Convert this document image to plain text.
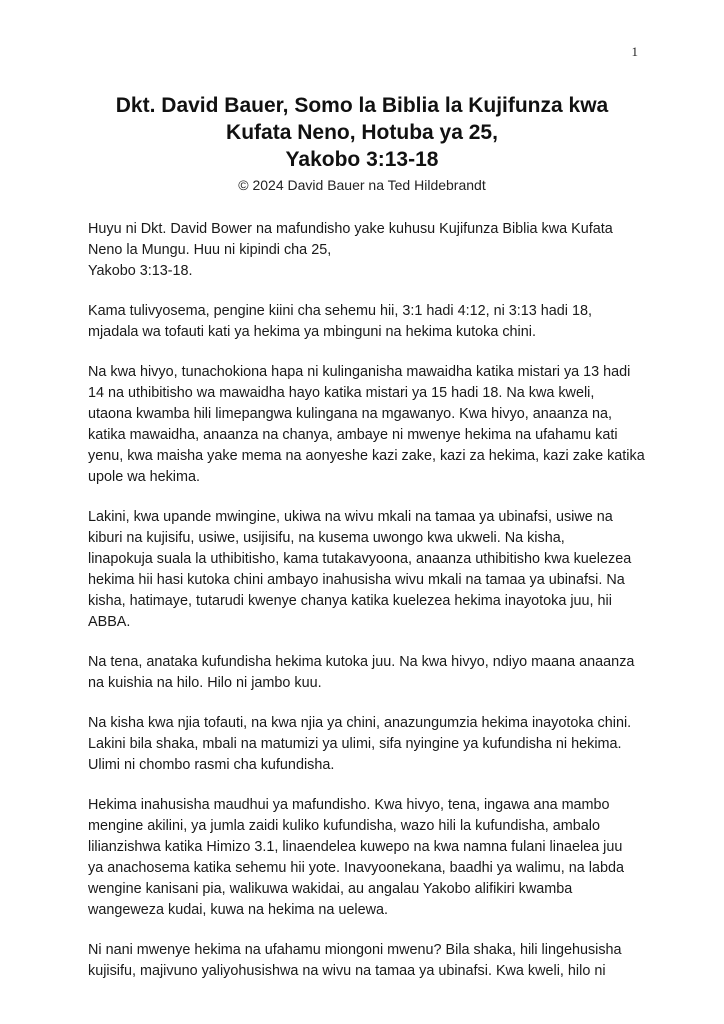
1
Dkt. David Bauer, Somo la Biblia la Kujifunza kwa
Kufata Neno, Hotuba ya 25,
Yakobo 3:13-18
© 2024 David Bauer na Ted Hildebrandt

Huyu ni Dkt. David Bower na mafundisho yake kuhusu Kujifunza Biblia kwa Kufata
Neno la Mungu. Huu ni kipindi cha 25,
Yakobo 3:13-18.

Kama tulivyosema, pengine kiini cha sehemu hii, 3:1 hadi 4:12, ni 3:13 hadi 18,
mjadala wa tofauti kati ya hekima ya mbinguni na hekima kutoka chini.

Na kwa hivyo, tunachokiona hapa ni kulinganisha mawaidha katika mistari ya 13 hadi
14 na uthibitisho wa mawaidha hayo katika mistari ya 15 hadi 18. Na kwa kweli,
utaona kwamba hili limepangwa kulingana na mgawanyo. Kwa hivyo, anaanza na,
katika mawaidha, anaanza na chanya, ambaye ni mwenye hekima na ufahamu kati
yenu, kwa maisha yake mema na aonyeshe kazi zake, kazi za hekima, kazi zake katika
upole wa hekima.

Lakini, kwa upande mwingine, ukiwa na wivu mkali na tamaa ya ubinafsi, usiwe na
kiburi na kujisifu, usiwe, usijisifu, na kusema uwongo kwa ukweli. Na kisha,
linapokuja suala la uthibitisho, kama tutakavyoona, anaanza uthibitisho kwa kuelezea
hekima hii hasi kutoka chini ambayo inahusisha wivu mkali na tamaa ya ubinafsi. Na
kisha, hatimaye, tutarudi kwenye chanya katika kuelezea hekima inayotoka juu, hii
ABBA.

Na tena, anataka kufundisha hekima kutoka juu. Na kwa hivyo, ndiyo maana anaanza
na kuishia na hilo. Hilo ni jambo kuu.

Na kisha kwa njia tofauti, na kwa njia ya chini, anazungumzia hekima inayotoka chini.
Lakini bila shaka, mbali na matumizi ya ulimi, sifa nyingine ya kufundisha ni hekima.
Ulimi ni chombo rasmi cha kufundisha.

Hekima inahusisha maudhui ya mafundisho. Kwa hivyo, tena, ingawa ana mambo
mengine akilini, ya jumla zaidi kuliko kufundisha, wazo hili la kufundisha, ambalo
lilianzishwa katika Himizo 3.1, linaendelea kuwepo na kwa namna fulani linaelea juu
ya anachosema katika sehemu hii yote. Inavyoonekana, baadhi ya walimu, na labda
wengine kanisani pia, walikuwa wakidai, au angalau Yakobo alifikiri kwamba
wangeweza kudai, kuwa na hekima na uelewa.

Ni nani mwenye hekima na ufahamu miongoni mwenu? Bila shaka, hili lingehusisha
kujisifu, majivuno yaliyohusishwa na wivu na tamaa ya ubinafsi. Kwa kweli, hilo ni
